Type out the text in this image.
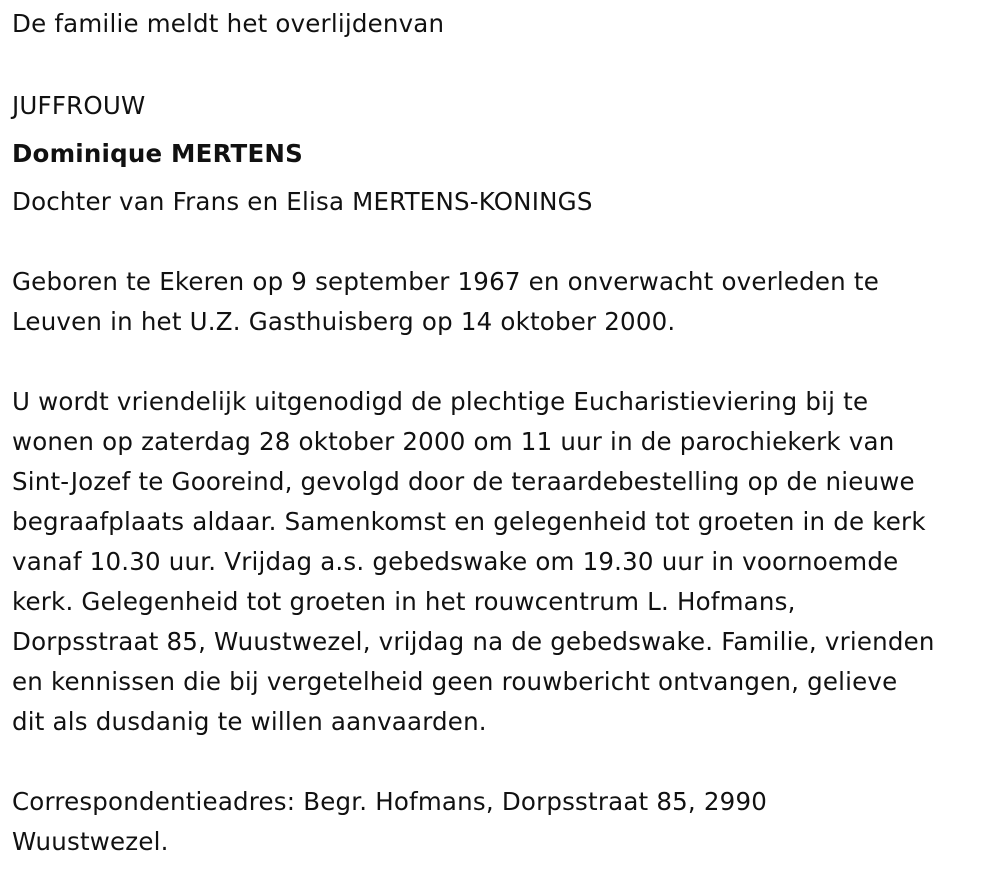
De familie meldt het overlijdenvan
JUFFROUW
Dominique MERTENS
Dochter van Frans en Elisa MERTENS-KONINGS
Geboren te Ekeren op 9 september 1967 en onverwacht overleden te
Leuven in het U.Z. Gasthuisberg op 14 oktober 2000.
U wordt vriendelijk uitgenodigd de plechtige Eucharistieviering bij te
wonen op zaterdag 28 oktober 2000 om 11 uur in de parochiekerk van
Sint-Jozef te Gooreind, gevolgd door de teraardebestelling op de nieuwe
begraafplaats aldaar. Samenkomst en gelegenheid tot groeten in de kerk
vanaf 10.30 uur. Vrijdag a.s. gebedswake om 19.30 uur in voornoemde
kerk. Gelegenheid tot groeten in het rouwcentrum L. Hofmans,
Dorpsstraat 85, Wuustwezel, vrijdag na de gebedswake. Familie, vrienden
en kennissen die bij vergetelheid geen rouwbericht ontvangen, gelieve
dit als dusdanig te willen aanvaarden.
Correspondentieadres: Begr. Hofmans, Dorpsstraat 85, 2990
Wuustwezel.
